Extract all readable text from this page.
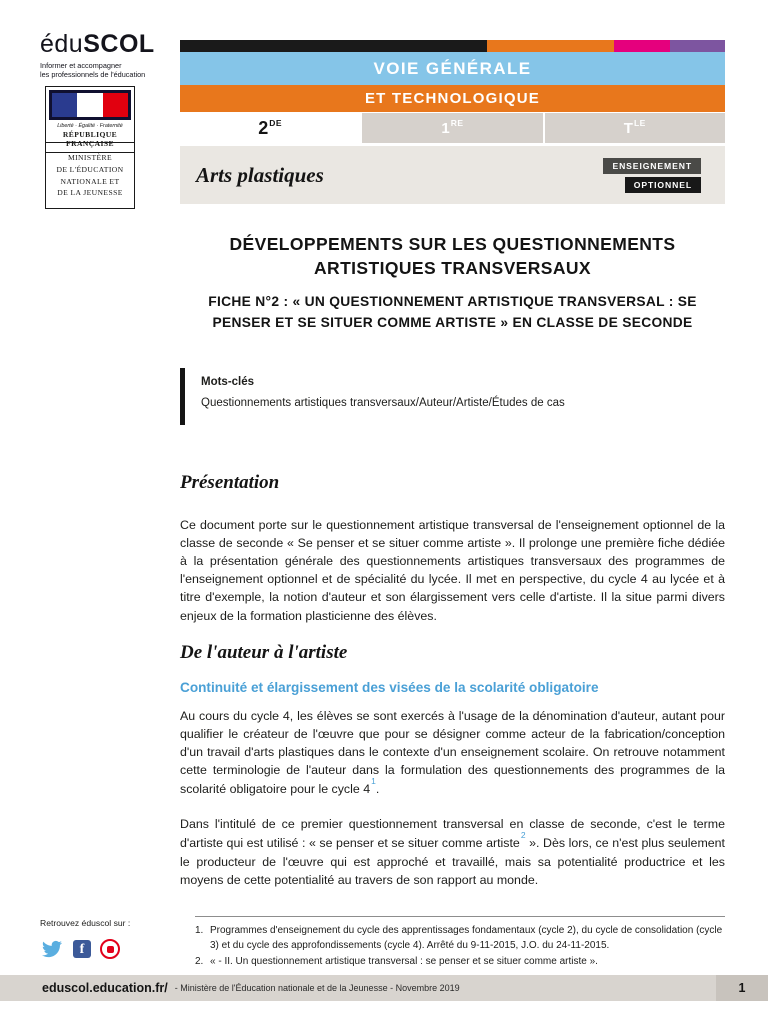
éduSCOL
Informer et accompagner
les professionnels de l'éducation
Liberté · Égalité · Fraternité
RÉPUBLIQUE FRANÇAISE
MINISTÈRE
DE L'ÉDUCATION
NATIONALE ET
DE LA JEUNESSE
VOIE GÉNÉRALE
ET TECHNOLOGIQUE
2 DE	1 RE	T LE
Arts plastiques	ENSEIGNEMENT
OPTIONNEL
DÉVELOPPEMENTS SUR LES QUESTIONNEMENTS ARTISTIQUES TRANSVERSAUX
FICHE N°2 : « UN QUESTIONNEMENT ARTISTIQUE TRANSVERSAL : SE PENSER ET SE SITUER COMME ARTISTE » EN CLASSE DE SECONDE
Mots-clés
Questionnements artistiques transversaux/Auteur/Artiste/Études de cas
Présentation

Ce document porte sur le questionnement artistique transversal de l'enseignement optionnel de la classe de seconde « Se penser et se situer comme artiste ». Il prolonge une première fiche dédiée à la présentation générale des questionnements artistiques transversaux des programmes de l'enseignement optionnel et de spécialité du lycée. Il met en perspective, du cycle 4 au lycée et à titre d'exemple, la notion d'auteur et son élargissement vers celle d'artiste. Il la situe parmi divers enjeux de la formation plasticienne des élèves.

De l'auteur à l'artiste
Continuité et élargissement des visées de la scolarité obligatoire

Au cours du cycle 4, les élèves se sont exercés à l'usage de la dénomination d'auteur, autant pour qualifier le créateur de l'œuvre que pour se désigner comme acteur de la fabrication/conception d'un travail d'arts plastiques dans le contexte d'un enseignement scolaire. On retrouve notamment cette terminologie de l'auteur dans la formulation des questionnements des programmes de la scolarité obligatoire pour le cycle 4$^1$.

Dans l'intitulé de ce premier questionnement transversal en classe de seconde, c'est le terme d'artiste qui est utilisé : « se penser et se situer comme artiste$^2$ ». Dès lors, ce n'est plus seulement le producteur de l'œuvre qui est approché et travaillé, mais sa potentialité productrice et les moyens de cette potentialité au travers de son rapport au monde.

Retrouvez éduscol sur :
f
1. Programmes d'enseignement du cycle des apprentissages fondamentaux (cycle 2), du cycle de consolidation (cycle 3) et du cycle des approfondissements (cycle 4). Arrêté du 9-11-2015, J.O. du 24-11-2015.
2. « - II. Un questionnement artistique transversal : se penser et se situer comme artiste ».
eduscol.education.fr/ - Ministère de l'Éducation nationale et de la Jeunesse - Novembre 2019	1
